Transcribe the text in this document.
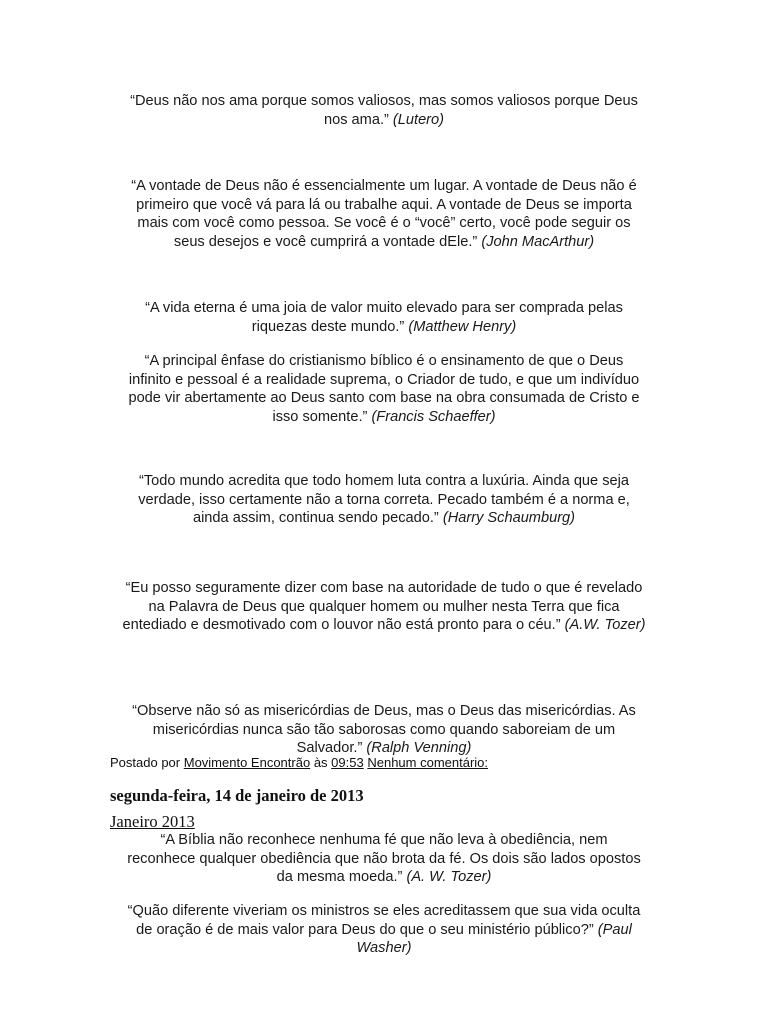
“Deus não nos ama porque somos valiosos, mas somos valiosos porque Deus
nos ama.” (Lutero)
“A vontade de Deus não é essencialmente um lugar. A vontade de Deus não é
primeiro que você vá para lá ou trabalhe aqui. A vontade de Deus se importa
mais com você como pessoa. Se você é o “você” certo, você pode seguir os
seus desejos e você cumprirá a vontade dEle.” (John MacArthur)
“A vida eterna é uma joia de valor muito elevado para ser comprada pelas
riquezas deste mundo.” (Matthew Henry)
“A principal ênfase do cristianismo bíblico é o ensinamento de que o Deus
infinito e pessoal é a realidade suprema, o Criador de tudo, e que um indivíduo
pode vir abertamente ao Deus santo com base na obra consumada de Cristo e
isso somente.” (Francis Schaeffer)
“Todo mundo acredita que todo homem luta contra a luxúria. Ainda que seja
verdade, isso certamente não a torna correta. Pecado também é a norma e,
ainda assim, continua sendo pecado.” (Harry Schaumburg)
“Eu posso seguramente dizer com base na autoridade de tudo o que é revelado
na Palavra de Deus que qualquer homem ou mulher nesta Terra que fica
entediado e desmotivado com o louvor não está pronto para o céu.” (A.W. Tozer)
“Observe não só as misericórdias de Deus, mas o Deus das misericórdias. As
misericórdias nunca são tão saborosas como quando saboreiam de um
Salvador.” (Ralph Venning)
Postado por Movimento Encontrão às 09:53 Nenhum comentário:
segunda-feira, 14 de janeiro de 2013
Janeiro 2013
“A Bíblia não reconhece nenhuma fé que não leva à obediência, nem
reconhece qualquer obediência que não brota da fé. Os dois são lados opostos
da mesma moeda.” (A. W. Tozer)
“Quão diferente viveriam os ministros se eles acreditassem que sua vida oculta
de oração é de mais valor para Deus do que o seu ministério público?” (Paul Washer)
